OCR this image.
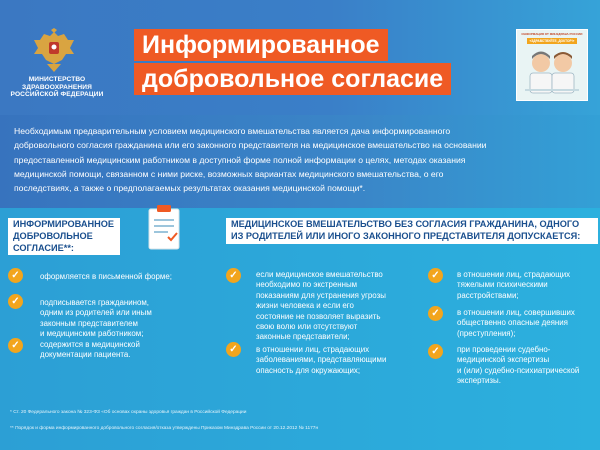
МИНИСТЕРСТВО
ЗДРАВООХРАНЕНИЯ
РОССИЙСКОЙ ФЕДЕРАЦИИ
Информированное
добровольное согласие
ИНФОРМАЦИЯ ОТ МИНЗДРАВА РОССИИ
«ЗДРАВСТВУЙТЕ, ДОКТОР!»
Необходимым предварительным условием медицинского вмешательства является дача информированного
добровольного согласия гражданина или его законного представителя на медицинское вмешательство на основании
предоставленной медицинским работником в доступной форме полной информации о целях, методах оказания
медицинской помощи, связанном с ними риске, возможных вариантах медицинского вмешательства, о его
последствиях, а также о предполагаемых результатах оказания медицинской помощи*.
ИНФОРМИРОВАННОЕ
ДОБРОВОЛЬНОЕ
СОГЛАСИЕ**:
✓	оформляется в письменной форме;
✓	подписывается гражданином,
одним из родителей или иным
законным представителем
и медицинским работником;
✓	содержится в медицинской
документации пациента.
МЕДИЦИНСКОЕ ВМЕШАТЕЛЬСТВО БЕЗ СОГЛАСИЯ ГРАЖДАНИНА, ОДНОГО
ИЗ РОДИТЕЛЕЙ ИЛИ ИНОГО ЗАКОННОГО ПРЕДСТАВИТЕЛЯ ДОПУСКАЕТСЯ:
✓	если медицинское вмешательство
необходимо по экстренным
показаниям для устранения угрозы
жизни человека и если его
состояние не позволяет выразить
свою волю или отсутствуют
законные представители;
✓	в отношении лиц, страдающих
заболеваниями, представляющими
опасность для окружающих;
✓	в отношении лиц, страдающих
тяжелыми психическими
расстройствами;
✓	в отношении лиц, совершивших
общественно опасные деяния
(преступления);
✓	при проведении судебно-
медицинской экспертизы
и (или) судебно-психиатрической
экспертизы.
* Ст. 20 Федерального закона № 323-ФЗ «Об основах охраны здоровья граждан в Российской Федерации
** Порядок и форма информированного добровольного согласия/отказа утверждены Приказом Минздрава России от 20.12.2012 № 1177н
